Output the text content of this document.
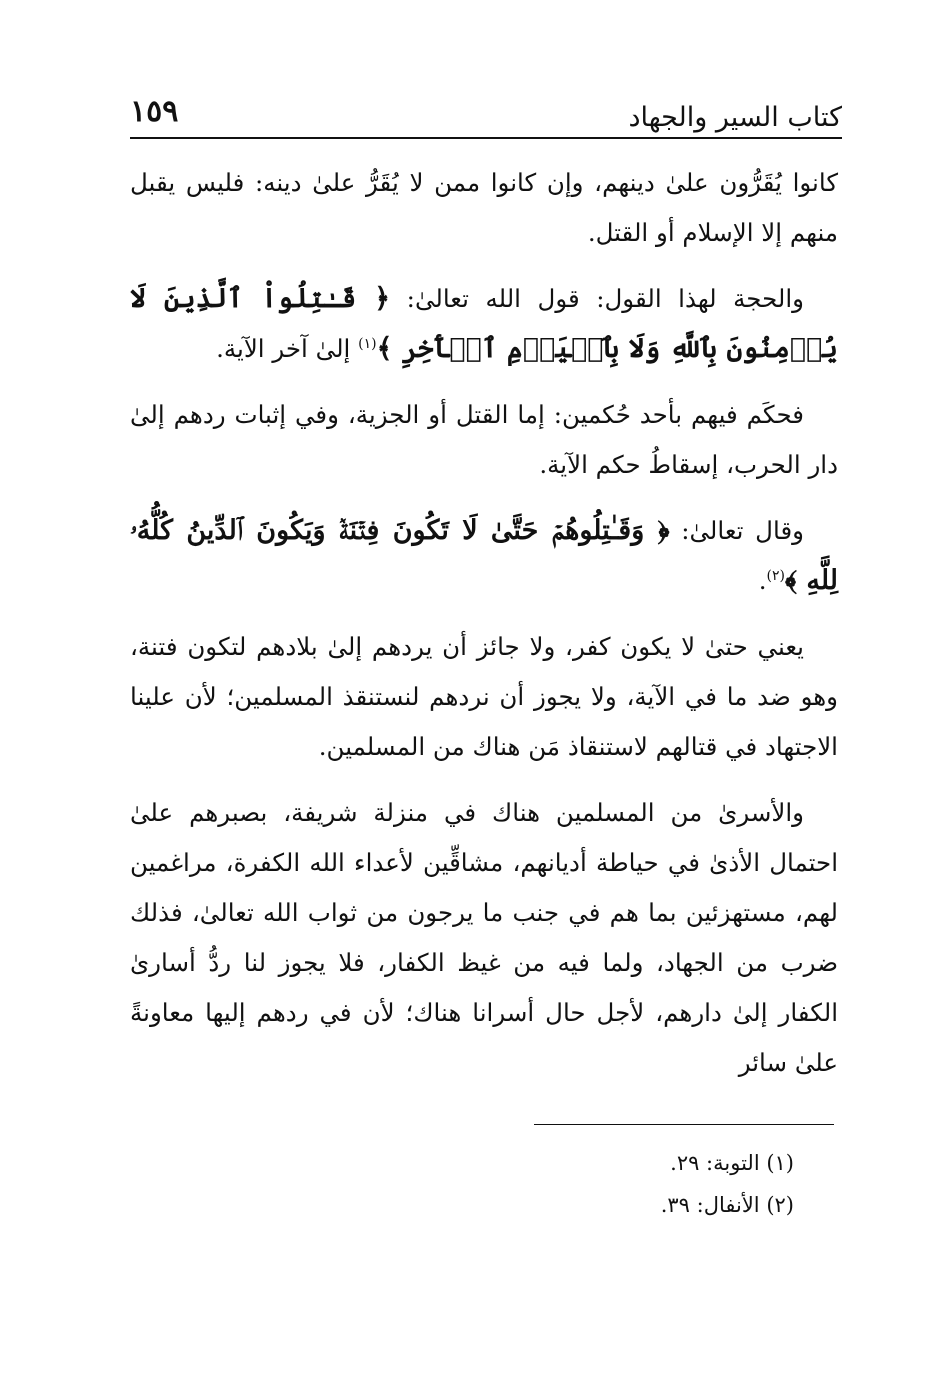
كتاب السير والجهاد
١٥٩

كانوا يُقَرُّون علىٰ دينهم، وإن كانوا ممن لا يُقَرُّ علىٰ دينه: فليس يقبل منهم إلا الإسلام أو القتل.

والحجة لهذا القول: قول الله تعالىٰ: ﴿ قَـٰتِلُواْ ٱلَّذِينَ لَا يُؤۡمِنُونَ بِٱللَّهِ وَلَا بِٱلۡيَوۡمِ ٱلۡأٓخِرِ ﴾$^{(١)}$ إلىٰ آخر الآية.

فحكَم فيهم بأحد حُكمين: إما القتل أو الجزية، وفي إثبات ردهم إلىٰ دار الحرب، إسقاطُ حكم الآية.

وقال تعالىٰ: ﴿ وَقَـٰتِلُوهُمۡ حَتَّىٰ لَا تَكُونَ فِتۡنَةٞ وَيَكُونَ ٱلدِّينُ كُلُّهُۥ لِلَّهِ ﴾$^{(٢)}$.

يعني حتىٰ لا يكون كفر، ولا جائز أن يردهم إلىٰ بلادهم لتكون فتنة، وهو ضد ما في الآية، ولا يجوز أن نردهم لنستنقذ المسلمين؛ لأن علينا الاجتهاد في قتالهم لاستنقاذ مَن هناك من المسلمين.

والأسرىٰ من المسلمين هناك في منزلة شريفة، بصبرهم علىٰ احتمال الأذىٰ في حياطة أديانهم، مشاقِّين لأعداء الله الكفرة، مراغمين لهم، مستهزئين بما هم في جنب ما يرجون من ثواب الله تعالىٰ، فذلك ضرب من الجهاد، ولما فيه من غيظ الكفار، فلا يجوز لنا ردُّ أسارىٰ الكفار إلىٰ دارهم، لأجل حال أسرانا هناك؛ لأن في ردهم إليها معاونةً علىٰ سائر

(١) التوبة: ٢٩.
(٢) الأنفال: ٣٩.
